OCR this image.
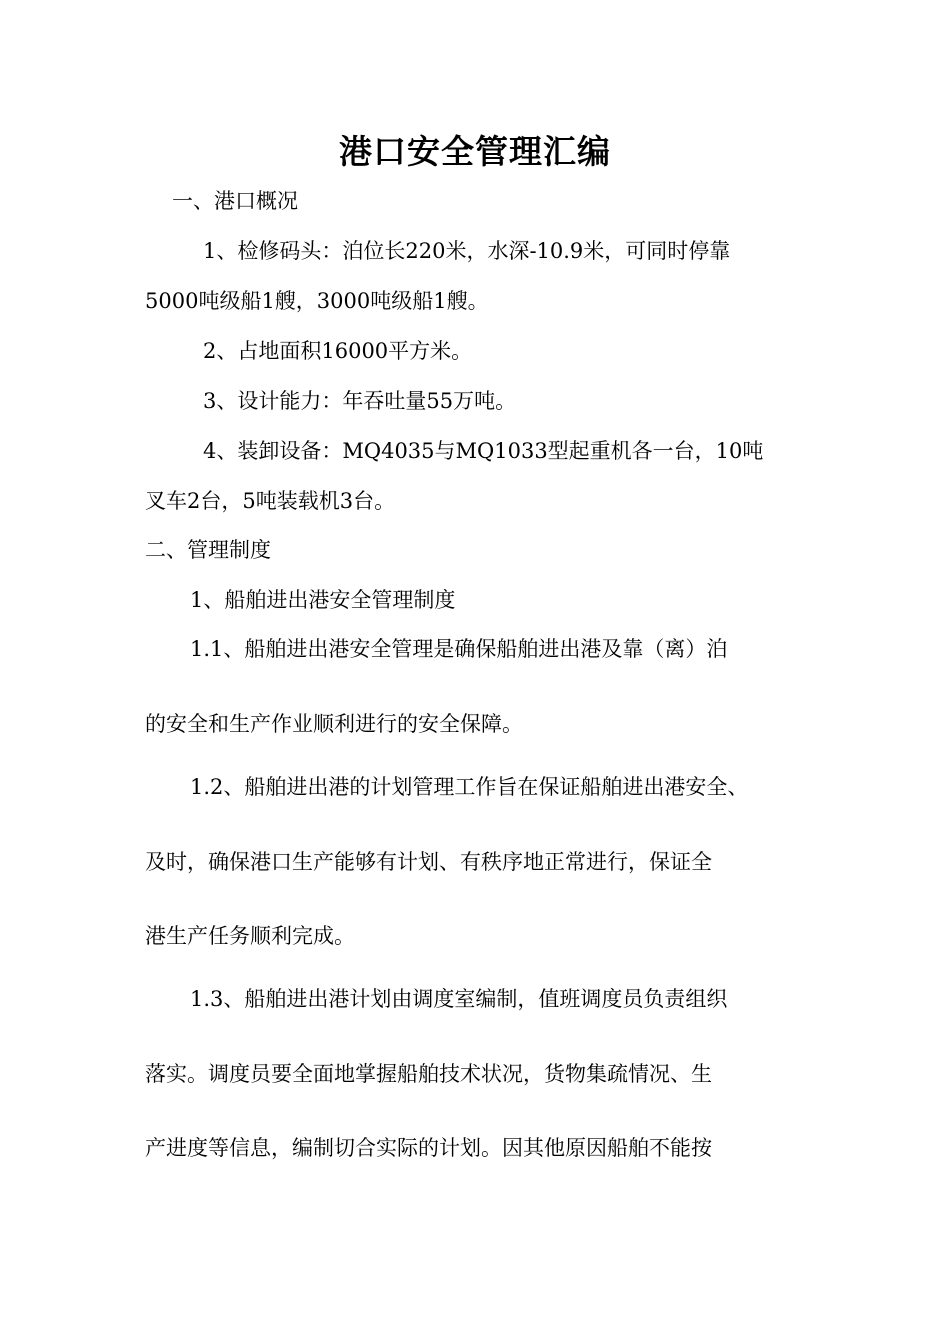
港口安全管理汇编
一、港口概况
1、检修码头：泊位长220米，水深-10.9米，可同时停靠
5000吨级船1艘，3000吨级船1艘。
2、占地面积16000平方米。
3、设计能力：年吞吐量55万吨。
4、装卸设备：MQ4035与MQ1033型起重机各一台，10吨
叉车2台，5吨装载机3台。
二、管理制度
1、船舶进出港安全管理制度
1.1、船舶进出港安全管理是确保船舶进出港及靠（离）泊
的安全和生产作业顺利进行的安全保障。
1.2、船舶进出港的计划管理工作旨在保证船舶进出港安全、
及时，确保港口生产能够有计划、有秩序地正常进行，保证全
港生产任务顺利完成。
1.3、船舶进出港计划由调度室编制，值班调度员负责组织
落实。调度员要全面地掌握船舶技术状况，货物集疏情况、生
产进度等信息，编制切合实际的计划。因其他原因船舶不能按
